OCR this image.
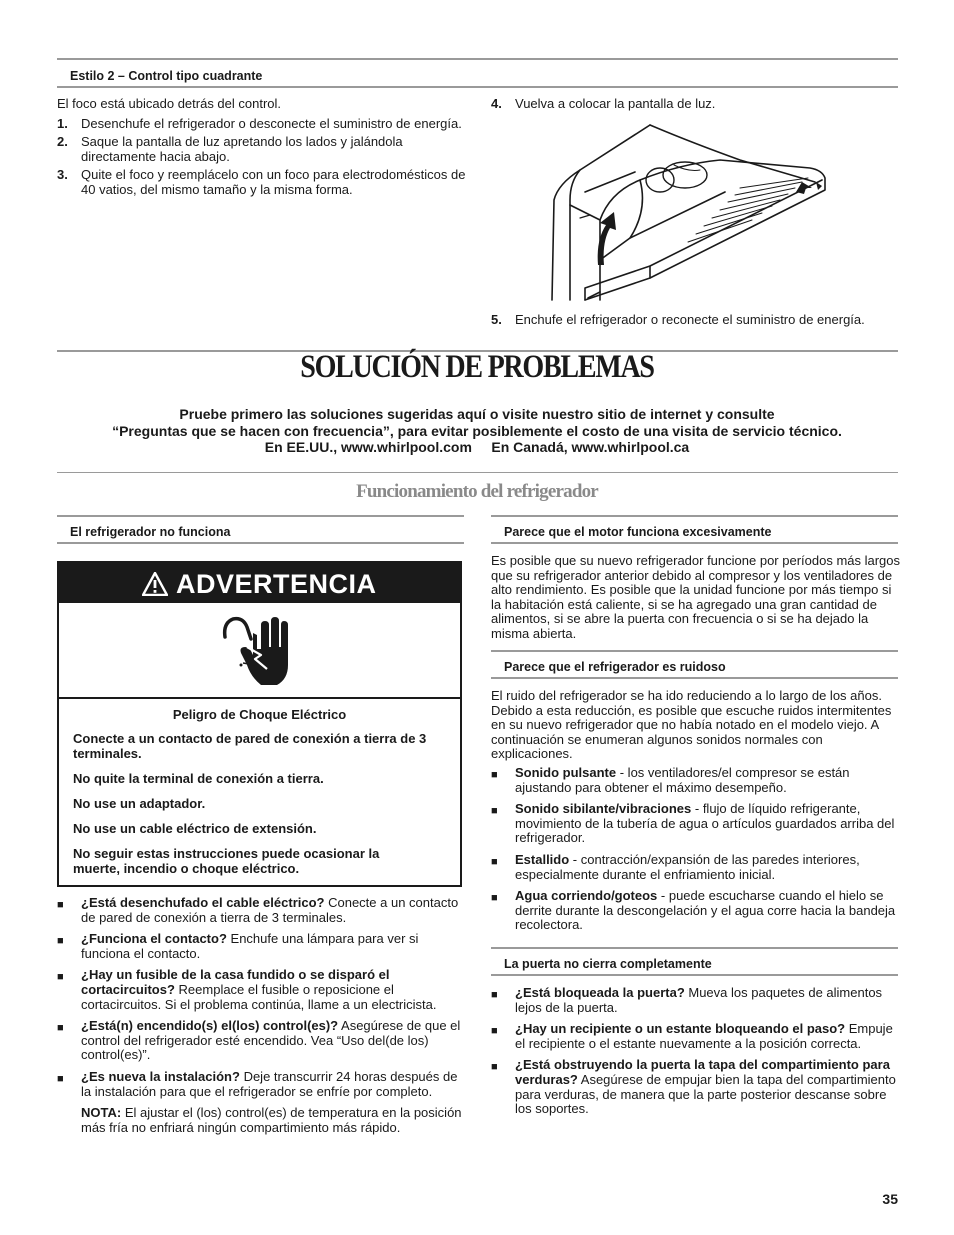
Estilo 2 – Control tipo cuadrante

El foco está ubicado detrás del control.

1. Desenchufe el refrigerador o desconecte el suministro de energía.
2. Saque la pantalla de luz apretando los lados y jalándola directamente hacia abajo.
3. Quite el foco y reemplácelo con un foco para electrodomésticos de 40 vatios, del mismo tamaño y la misma forma.
4. Vuelva a colocar la pantalla de luz.
5. Enchufe el refrigerador o reconecte el suministro de energía.
SOLUCIÓN DE PROBLEMAS
Pruebe primero las soluciones sugeridas aquí o visite nuestro sitio de internet y consulte
“Preguntas que se hacen con frecuencia”, para evitar posiblemente el costo de una visita de servicio técnico.
En EE.UU., www.whirlpool.com     En Canadá, www.whirlpool.ca
Funcionamiento del refrigerador
El refrigerador no funciona
ADVERTENCIA

Peligro de Choque Eléctrico

Conecte a un contacto de pared de conexión a tierra de 3 terminales.

No quite la terminal de conexión a tierra.

No use un adaptador.

No use un cable eléctrico de extensión.

No seguir estas instrucciones puede ocasionar la muerte, incendio o choque eléctrico.

■ ¿Está desenchufado el cable eléctrico? Conecte a un contacto de pared de conexión a tierra de 3 terminales.
■ ¿Funciona el contacto? Enchufe una lámpara para ver si funciona el contacto.
■ ¿Hay un fusible de la casa fundido o se disparó el cortacircuitos? Reemplace el fusible o reposicione el cortacircuitos. Si el problema continúa, llame a un electricista.
■ ¿Está(n) encendido(s) el(los) control(es)? Asegúrese de que el control del refrigerador esté encendido. Vea “Uso del(de los) control(es)”.
■ ¿Es nueva la instalación? Deje transcurrir 24 horas después de la instalación para que el refrigerador se enfríe por completo.

NOTA: El ajustar el (los) control(es) de temperatura en la posición más fría no enfriará ningún compartimiento más rápido.

Parece que el motor funciona excesivamente

Es posible que su nuevo refrigerador funcione por períodos más largos que su refrigerador anterior debido al compresor y los ventiladores de alto rendimiento. Es posible que la unidad funcione por más tiempo si la habitación está caliente, si se ha agregado una gran cantidad de alimentos, si se abre la puerta con frecuencia o si se ha dejado la misma abierta.

Parece que el refrigerador es ruidoso

El ruido del refrigerador se ha ido reduciendo a lo largo de los años. Debido a esta reducción, es posible que escuche ruidos intermitentes en su nuevo refrigerador que no había notado en el modelo viejo. A continuación se enumeran algunos sonidos normales con explicaciones.

■ Sonido pulsante - los ventiladores/el compresor se están ajustando para obtener el máximo desempeño.
■ Sonido sibilante/vibraciones - flujo de líquido refrigerante, movimiento de la tubería de agua o artículos guardados arriba del refrigerador.
■ Estallido - contracción/expansión de las paredes interiores, especialmente durante el enfriamiento inicial.
■ Agua corriendo/goteos - puede escucharse cuando el hielo se derrite durante la descongelación y el agua corre hacia la bandeja recolectora.
La puerta no cierra completamente
■ ¿Está bloqueada la puerta? Mueva los paquetes de alimentos lejos de la puerta.
■ ¿Hay un recipiente o un estante bloqueando el paso? Empuje el recipiente o el estante nuevamente a la posición correcta.
■ ¿Está obstruyendo la puerta la tapa del compartimiento para verduras? Asegúrese de empujar bien la tapa del compartimiento para verduras, de manera que la parte posterior descanse sobre los soportes.
35
